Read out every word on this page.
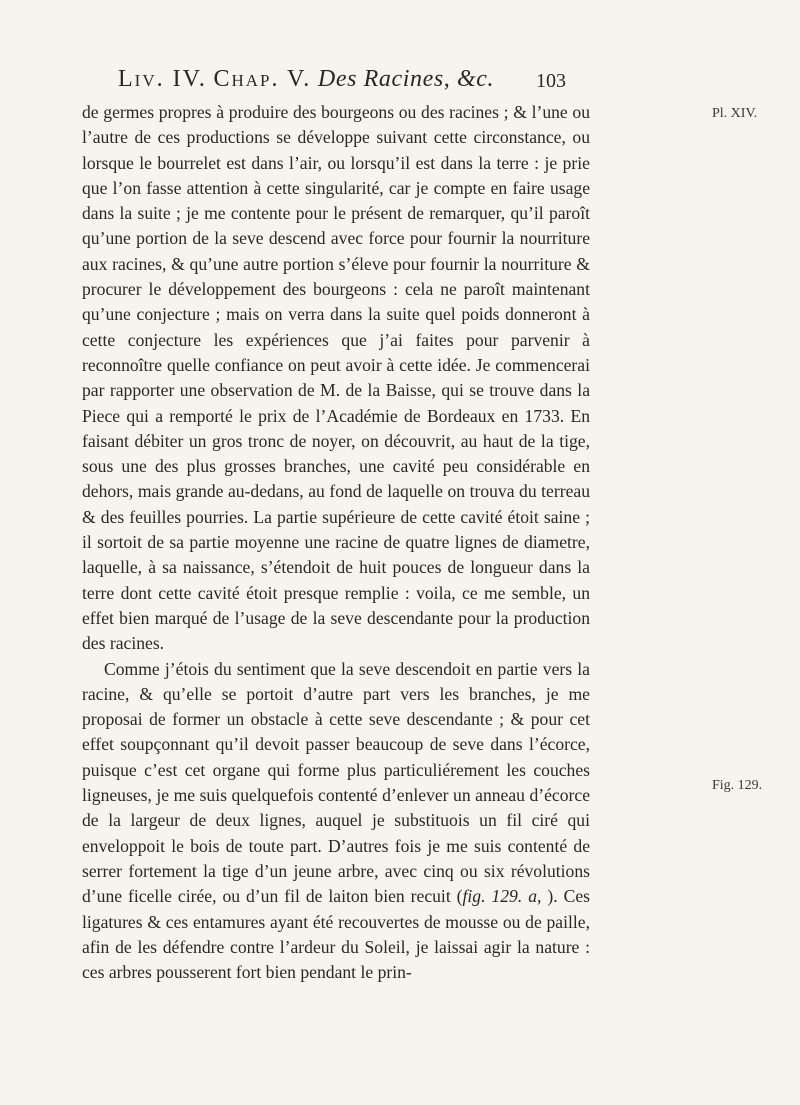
Liv. IV. Chap. V. Des Racines, &c.	103
Pl. XIV.
Fig. 129.

de germes propres à produire des bourgeons ou des racines ; & l’une ou l’autre de ces productions se développe suivant cette circonstance, ou lorsque le bourrelet est dans l’air, ou lorsqu’il est dans la terre : je prie que l’on fasse attention à cette singularité, car je compte en faire usage dans la suite ; je me contente pour le présent de remarquer, qu’il paroît qu’une portion de la seve descend avec force pour fournir la nourriture aux racines, & qu’une autre portion s’éleve pour fournir la nourriture & procurer le développement des bourgeons : cela ne paroît maintenant qu’une conjecture ; mais on verra dans la suite quel poids donneront à cette conjecture les expériences que j’ai faites pour parvenir à reconnoître quelle confiance on peut avoir à cette idée. Je commencerai par rapporter une observation de M. de la Baisse, qui se trouve dans la Piece qui a remporté le prix de l’Académie de Bordeaux en 1733. En faisant débiter un gros tronc de noyer, on découvrit, au haut de la tige, sous une des plus grosses branches, une cavité peu considérable en dehors, mais grande au-dedans, au fond de laquelle on trouva du terreau & des feuilles pourries. La partie supérieure de cette cavité étoit saine ; il sortoit de sa partie moyenne une racine de quatre lignes de diametre, laquelle, à sa naissance, s’étendoit de huit pouces de longueur dans la terre dont cette cavité étoit presque remplie : voila, ce me semble, un effet bien marqué de l’usage de la seve descendante pour la production des racines.

Comme j’étois du sentiment que la seve descendoit en partie vers la racine, & qu’elle se portoit d’autre part vers les branches, je me proposai de former un obstacle à cette seve descendante ; & pour cet effet soupçonnant qu’il devoit passer beaucoup de seve dans l’écorce, puisque c’est cet organe qui forme plus particuliérement les couches ligneuses, je me suis quelquefois contenté d’enlever un anneau d’écorce de la largeur de deux lignes, auquel je substituois un fil ciré qui enveloppoit le bois de toute part. D’autres fois je me suis contenté de serrer fortement la tige d’un jeune arbre, avec cinq ou six révolutions d’une ficelle cirée, ou d’un fil de laiton bien recuit (fig. 129. a, ). Ces ligatures & ces entamures ayant été recouvertes de mousse ou de paille, afin de les défendre contre l’ardeur du Soleil, je laissai agir la nature : ces arbres pousserent fort bien pendant le prin-
